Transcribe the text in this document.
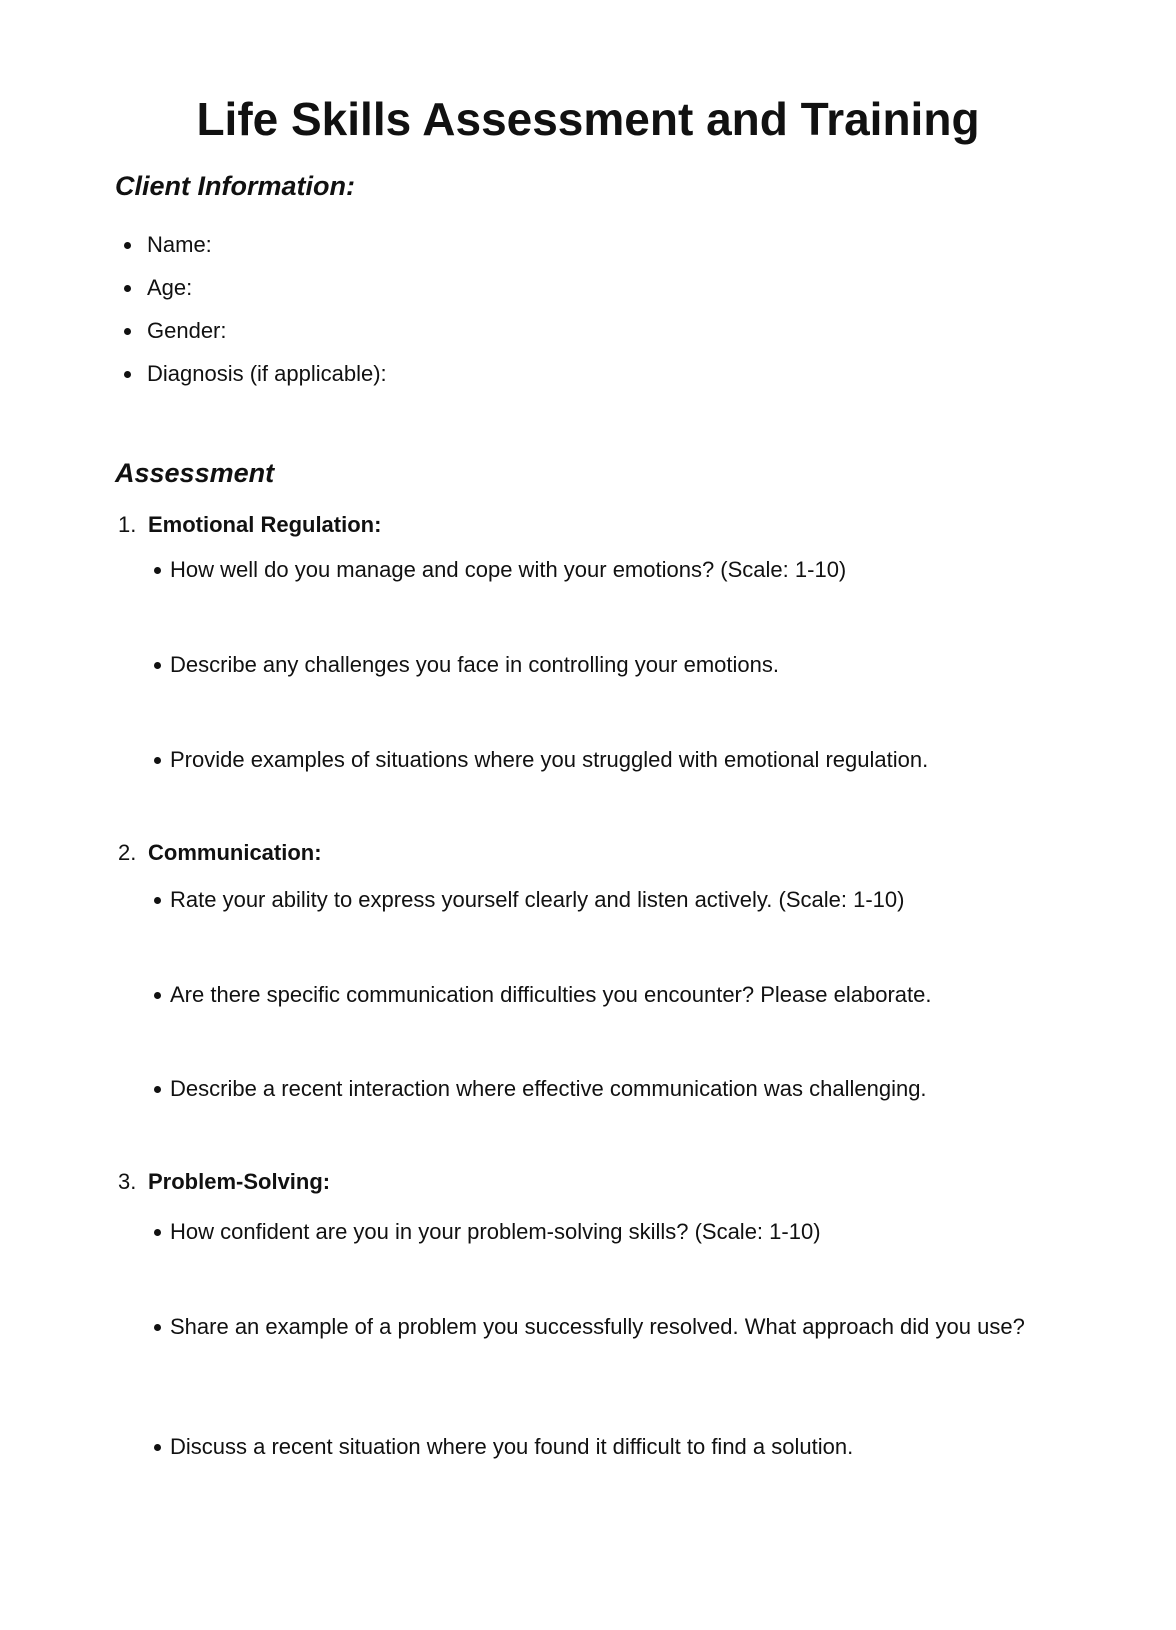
Life Skills Assessment and Training
Client Information:
Name:
Age:
Gender:
Diagnosis (if applicable):
Assessment
1. Emotional Regulation:
How well do you manage and cope with your emotions? (Scale: 1-10)
Describe any challenges you face in controlling your emotions.
Provide examples of situations where you struggled with emotional regulation.
2. Communication:
Rate your ability to express yourself clearly and listen actively. (Scale: 1-10)
Are there specific communication difficulties you encounter? Please elaborate.
Describe a recent interaction where effective communication was challenging.
3. Problem-Solving:
How confident are you in your problem-solving skills? (Scale: 1-10)
Share an example of a problem you successfully resolved. What approach did you use?
Discuss a recent situation where you found it difficult to find a solution.
